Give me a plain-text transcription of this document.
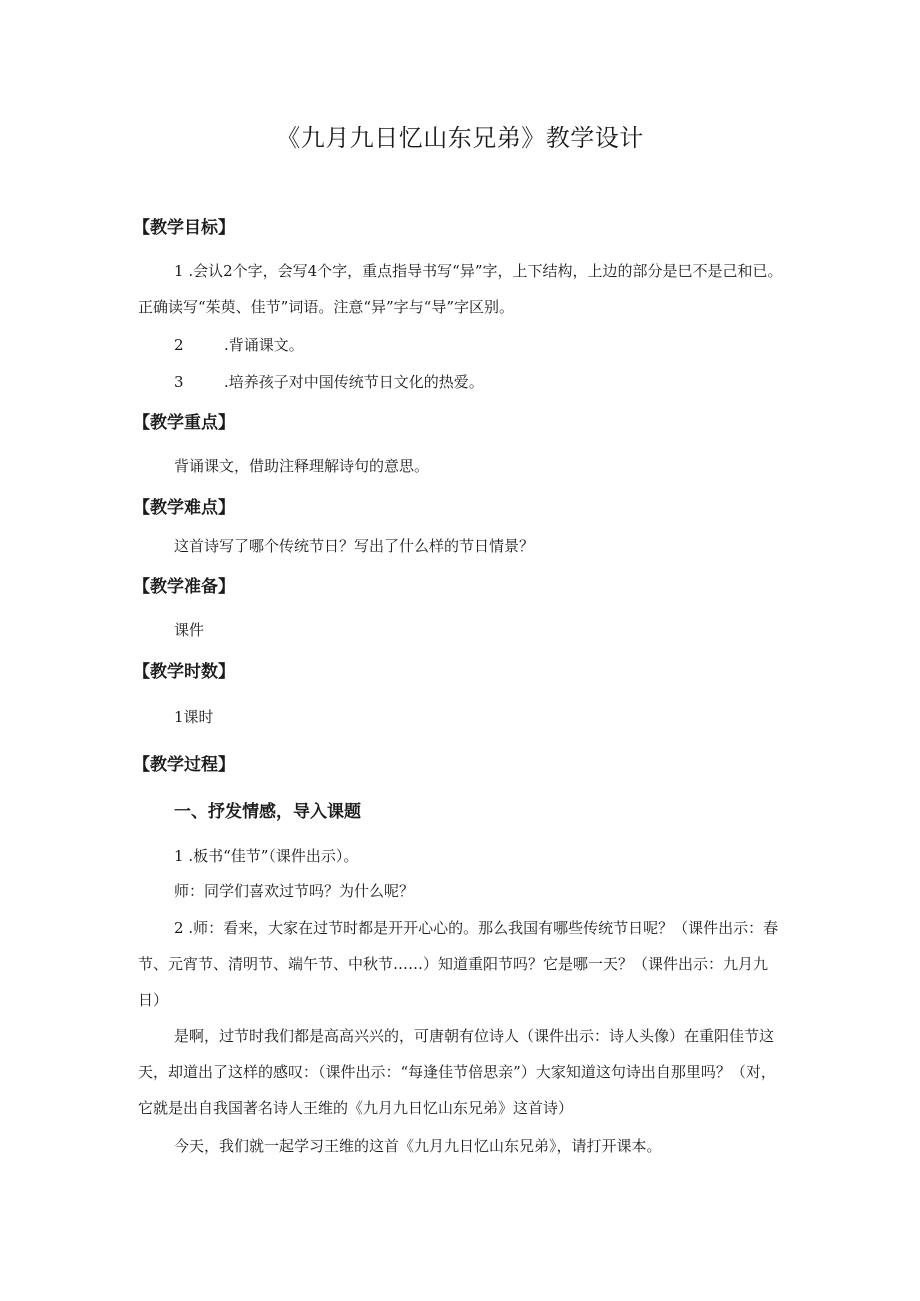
《九月九日忆山东兄弟》教学设计
【教学目标】
1 .会认2个字，会写4个字，重点指导书写“异”字，上下结构，上边的部分是巳不是己和已。正确读写“茱萸、佳节”词语。注意“异”字与“导”字区别。
2	.背诵课文。
3	.培养孩子对中国传统节日文化的热爱。
【教学重点】
背诵课文，借助注释理解诗句的意思。
【教学难点】
这首诗写了哪个传统节日？写出了什么样的节日情景？
【教学准备】
课件
【教学时数】
1课时
【教学过程】
一、抒发情感，导入课题
1 .板书“佳节”（课件出示）。
师：同学们喜欢过节吗？为什么呢？
2 .师：看来，大家在过节时都是开开心心的。那么我国有哪些传统节日呢？（课件出示：春节、元宵节、清明节、端午节、中秋节……）知道重阳节吗？它是哪一天？（课件出示：九月九日）
是啊，过节时我们都是高高兴兴的，可唐朝有位诗人（课件出示：诗人头像）在重阳佳节这天，却道出了这样的感叹：（课件出示：“每逢佳节倍思亲”）大家知道这句诗出自那里吗？（对，它就是出自我国著名诗人王维的《九月九日忆山东兄弟》这首诗）
今天，我们就一起学习王维的这首《九月九日忆山东兄弟》，请打开课本。
